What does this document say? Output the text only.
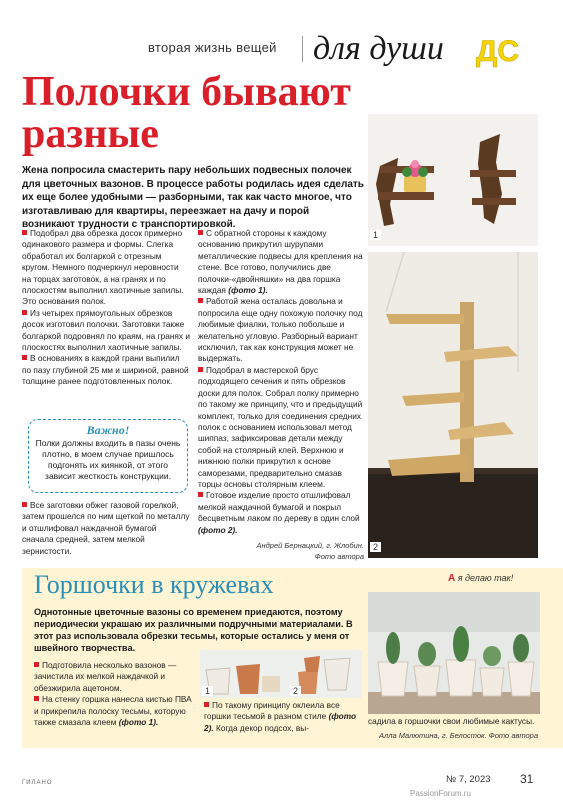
вторая жизнь вещей для души ДС
Полочки бывают разные
Жена попросила смастерить пару небольших подвесных полочек для цветочных вазонов. В процессе работы родилась идея сделать их еще более удобными — разборными, так как часто многое, что изготавливаю для квартиры, переезжает на дачу и порой возникают трудности с транспортировкой.

Подобрал два обрезка досок примерно одинакового размера и формы. Слегка обработал их болгаркой с отрезным кругом. Немного подчеркнул неровности на торцах заготовок, а на гранях и по плоскостям выполнил хаотичные запилы. Это основания полок.

Из четырех прямоугольных обрезков досок изготовил полочки. Заготовки также болгаркой подровнял по краям, на гранях и плоскостях выполнил хаотичные запилы.

В основаниях в каждой грани выпилил по пазу глубиной 25 мм и шириной, равной толщине ранее подготовленных полок.

Важно!
Полки должны входить в пазы очень плотно, в моем случае пришлось подгонять их киянкой, от этого зависит жесткость конструкции.

Все заготовки обжег газовой горелкой, затем прошелся по ним щеткой по металлу и отшлифовал наждачной бумагой сначала средней, затем мелкой зернистости.

С обратной стороны к каждому основанию прикрутил шурупами металлические подвесы для крепления на стене. Все готово, получились две полочки-«двойняшки» на два горшка каждая (фото 1).

Работой жена осталась довольна и попросила еще одну похожую полочку под любимые фиалки, только побольше и желательно угловую. Разборный вариант исключил, так как конструкция может не выдержать.

Подобрал в мастерской брус подходящего сечения и пять обрезков доски для полок. Собрал полку примерно по такому же принципу, что и предыдущий комплект, только для соединения средних полок с основанием использовал метод шиппаз, зафиксировав детали между собой на столярный клей. Верхнюю и нижнюю полки прикрутил к основе саморезами, предварительно смазав торцы основы столярным клеем.

Готовое изделие просто отшлифовал мелкой наждачной бумагой и покрыл бесцветным лаком по дереву в один слой (фото 2).

Андрей Бернацкий, г. Жлобин.
Фото автора
1
2
Горшочки в кружевах	А я делаю так!
Однотонные цветочные вазоны со временем приедаются, поэтому периодически украшаю их различными подручными материалами. В этот раз использовала обрезки тесьмы, которые остались у меня от швейного творчества.

Подготовила несколько вазонов — зачистила их мелкой наждачкой и обезжирила ацетоном.

На стенку горшка нанесла кистью ПВА и прикрепила полоску тесьмы, которую также смазала клеем (фото 1).

1	2

По такому принципу оклеила все горшки тесьмой в разном стиле (фото 2). Когда декор подсох, вы-

садила в горшочки свои любимые кактусы.

Алла Малютина, г. Белосток. Фото автора
ГИЛАНО	№ 7, 2023 31
PassionForum.ru
